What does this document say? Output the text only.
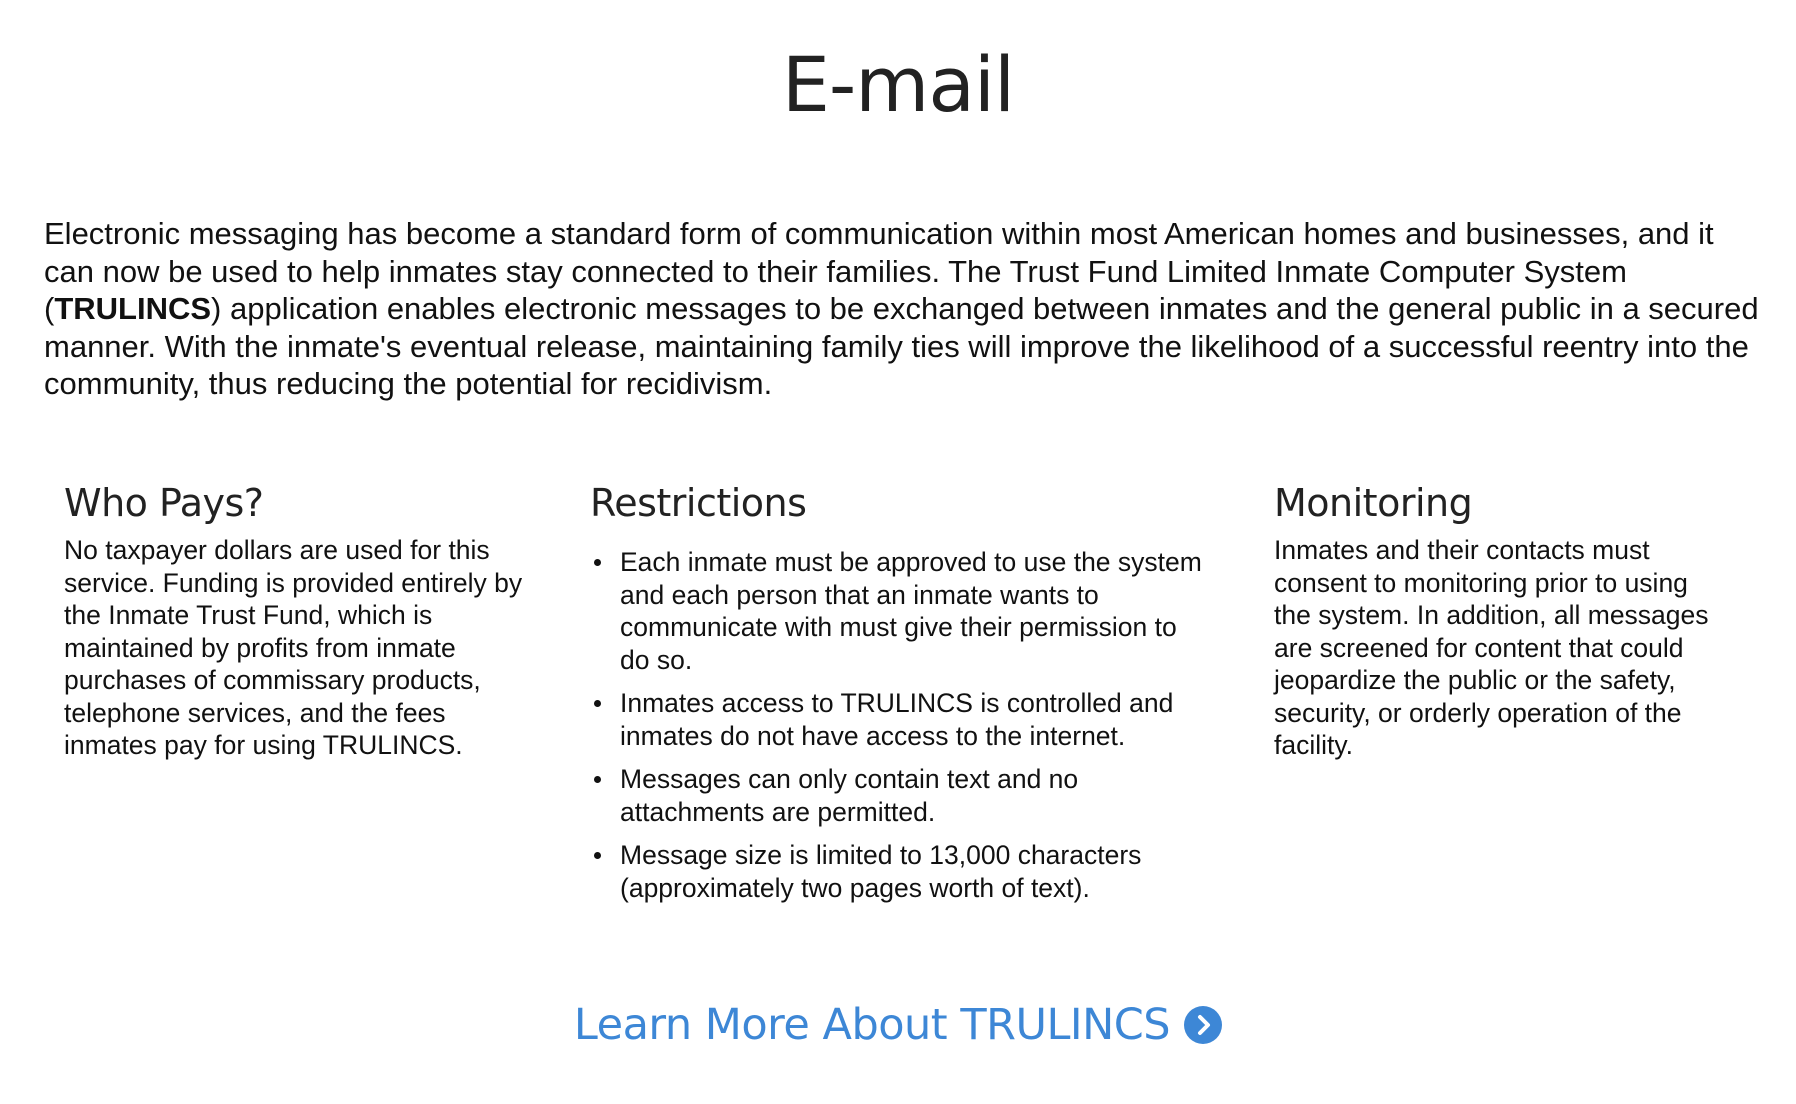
E-mail

Electronic messaging has become a standard form of communication within most American homes and businesses, and it can now be used to help inmates stay connected to their families. The Trust Fund Limited Inmate Computer System (TRULINCS) application enables electronic messages to be exchanged between inmates and the general public in a secured manner. With the inmate's eventual release, maintaining family ties will improve the likelihood of a successful reentry into the community, thus reducing the potential for recidivism.

Who Pays?

No taxpayer dollars are used for this service. Funding is provided entirely by the Inmate Trust Fund, which is maintained by profits from inmate purchases of commissary products, telephone services, and the fees inmates pay for using TRULINCS.

Restrictions
Each inmate must be approved to use the system and each person that an inmate wants to communicate with must give their permission to do so.
Inmates access to TRULINCS is controlled and inmates do not have access to the internet.
Messages can only contain text and no attachments are permitted.
Message size is limited to 13,000 characters (approximately two pages worth of text).
Monitoring

Inmates and their contacts must consent to monitoring prior to using the system. In addition, all messages are screened for content that could jeopardize the public or the safety, security, or orderly operation of the facility.

Learn More About TRULINCS
